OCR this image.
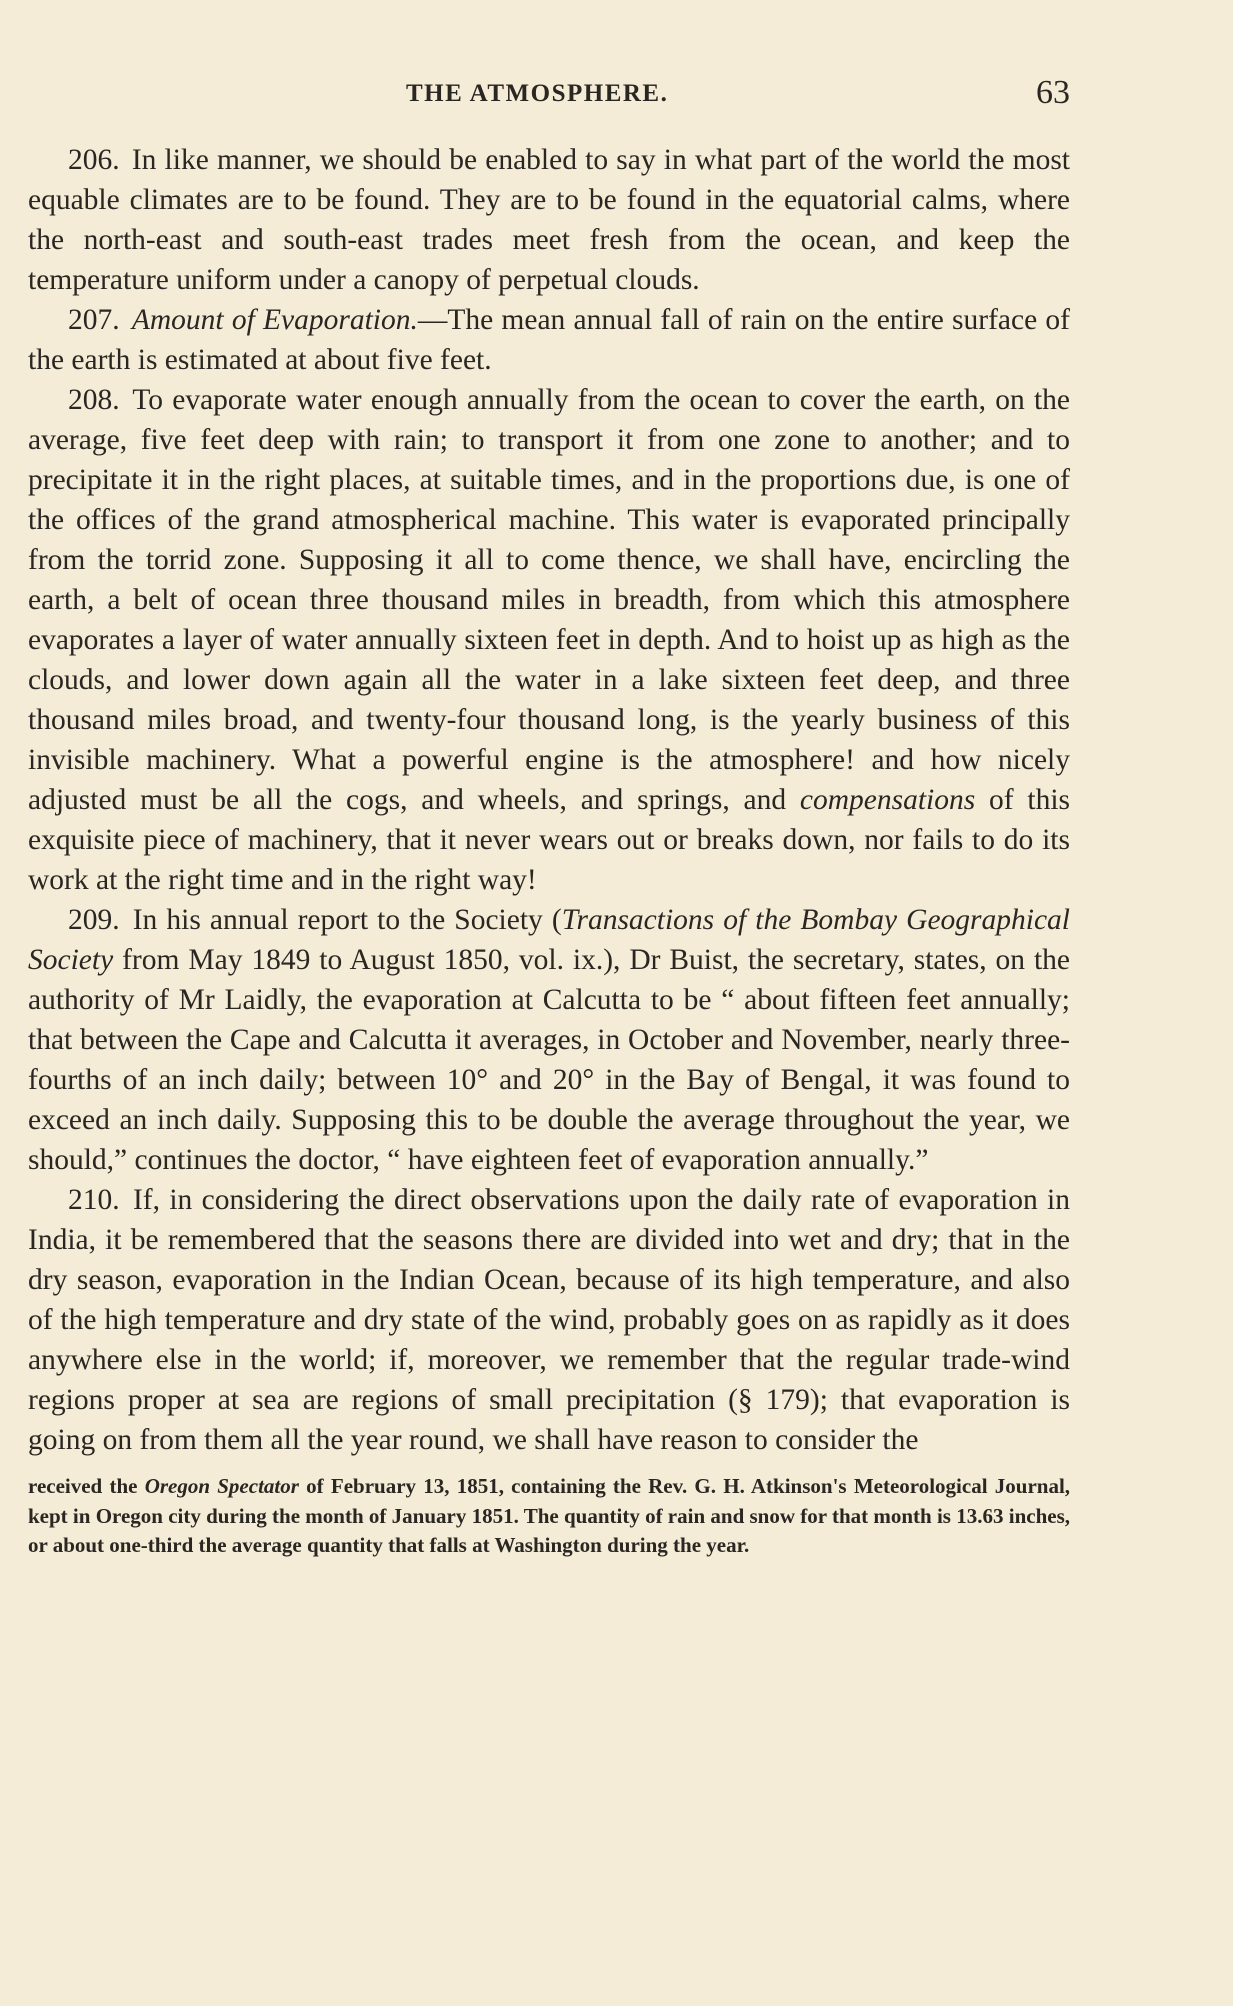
THE ATMOSPHERE.	63

206. In like manner, we should be enabled to say in what part of the world the most equable climates are to be found. They are to be found in the equatorial calms, where the north-east and south-east trades meet fresh from the ocean, and keep the temperature uniform under a canopy of perpetual clouds.

207. Amount of Evaporation.—The mean annual fall of rain on the entire surface of the earth is estimated at about five feet.

208. To evaporate water enough annually from the ocean to cover the earth, on the average, five feet deep with rain; to transport it from one zone to another; and to precipitate it in the right places, at suitable times, and in the proportions due, is one of the offices of the grand atmospherical machine. This water is evaporated principally from the torrid zone. Supposing it all to come thence, we shall have, encircling the earth, a belt of ocean three thousand miles in breadth, from which this atmosphere evaporates a layer of water annually sixteen feet in depth. And to hoist up as high as the clouds, and lower down again all the water in a lake sixteen feet deep, and three thousand miles broad, and twenty-four thousand long, is the yearly business of this invisible machinery. What a powerful engine is the atmosphere! and how nicely adjusted must be all the cogs, and wheels, and springs, and compensations of this exquisite piece of machinery, that it never wears out or breaks down, nor fails to do its work at the right time and in the right way!

209. In his annual report to the Society (Transactions of the Bombay Geographical Society from May 1849 to August 1850, vol. ix.), Dr Buist, the secretary, states, on the authority of Mr Laidly, the evaporation at Calcutta to be “ about fifteen feet annually; that between the Cape and Calcutta it averages, in October and November, nearly three-fourths of an inch daily; between 10° and 20° in the Bay of Bengal, it was found to exceed an inch daily. Supposing this to be double the average throughout the year, we should,” continues the doctor, “ have eighteen feet of evaporation annually.”

210. If, in considering the direct observations upon the daily rate of evaporation in India, it be remembered that the seasons there are divided into wet and dry; that in the dry season, evaporation in the Indian Ocean, because of its high temperature, and also of the high temperature and dry state of the wind, probably goes on as rapidly as it does anywhere else in the world; if, moreover, we remember that the regular trade-wind regions proper at sea are regions of small precipitation (§ 179); that evaporation is going on from them all the year round, we shall have reason to consider the

received the Oregon Spectator of February 13, 1851, containing the Rev. G. H. Atkinson's Meteorological Journal, kept in Oregon city during the month of January 1851. The quantity of rain and snow for that month is 13.63 inches, or about one-third the average quantity that falls at Washington during the year.
